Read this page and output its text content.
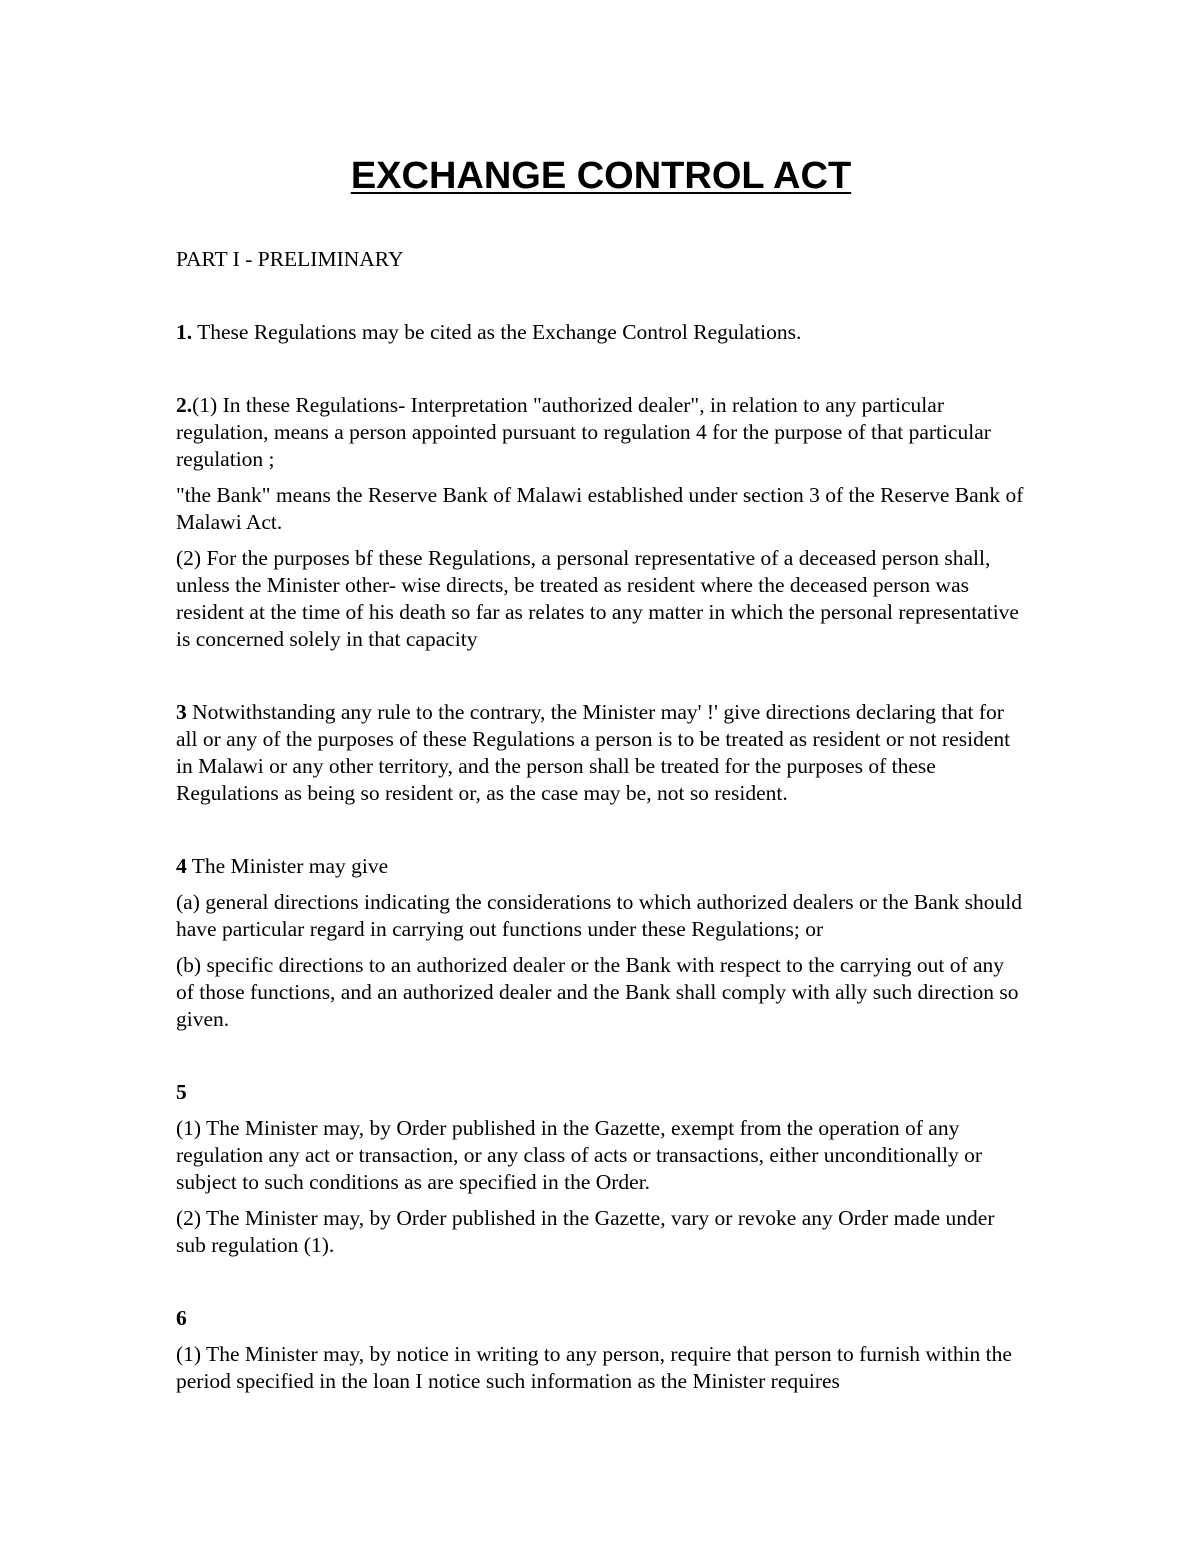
EXCHANGE CONTROL ACT
PART I - PRELIMINARY

1. These Regulations may be cited as the Exchange Control Regulations.

2.(1) In these Regulations- Interpretation "authorized dealer", in relation to any particular regulation, means a person appointed pursuant to regulation 4 for the purpose of that particular regulation ;

"the Bank" means the Reserve Bank of Malawi established under section 3 of the Reserve Bank of Malawi Act.

(2) For the purposes bf these Regulations, a personal representative of a deceased person shall, unless the Minister other- wise directs, be treated as resident where the deceased person was resident at the time of his death so far as relates to any matter in which the personal representative is concerned solely in that capacity

3 Notwithstanding any rule to the contrary, the Minister may' !' give directions declaring that for all or any of the purposes of these Regulations a person is to be treated as resident or not resident in Malawi or any other territory, and the person shall be treated for the purposes of these Regulations as being so resident or, as the case may be, not so resident.

4 The Minister may give

(a) general directions indicating the considerations to which authorized dealers or the Bank should have particular regard in carrying out functions under these Regulations; or

(b) specific directions to an authorized dealer or the Bank with respect to the carrying out of any of those functions, and an authorized dealer and the Bank shall comply with ally such direction so given.

5

(1) The Minister may, by Order published in the Gazette, exempt from the operation of any regulation any act or transaction, or any class of acts or transactions, either unconditionally or subject to such conditions as are specified in the Order.

(2) The Minister may, by Order published in the Gazette, vary or revoke any Order made under sub regulation (1).

6

(1) The Minister may, by notice in writing to any person, require that person to furnish within the period specified in the loan I notice such information as the Minister requires
